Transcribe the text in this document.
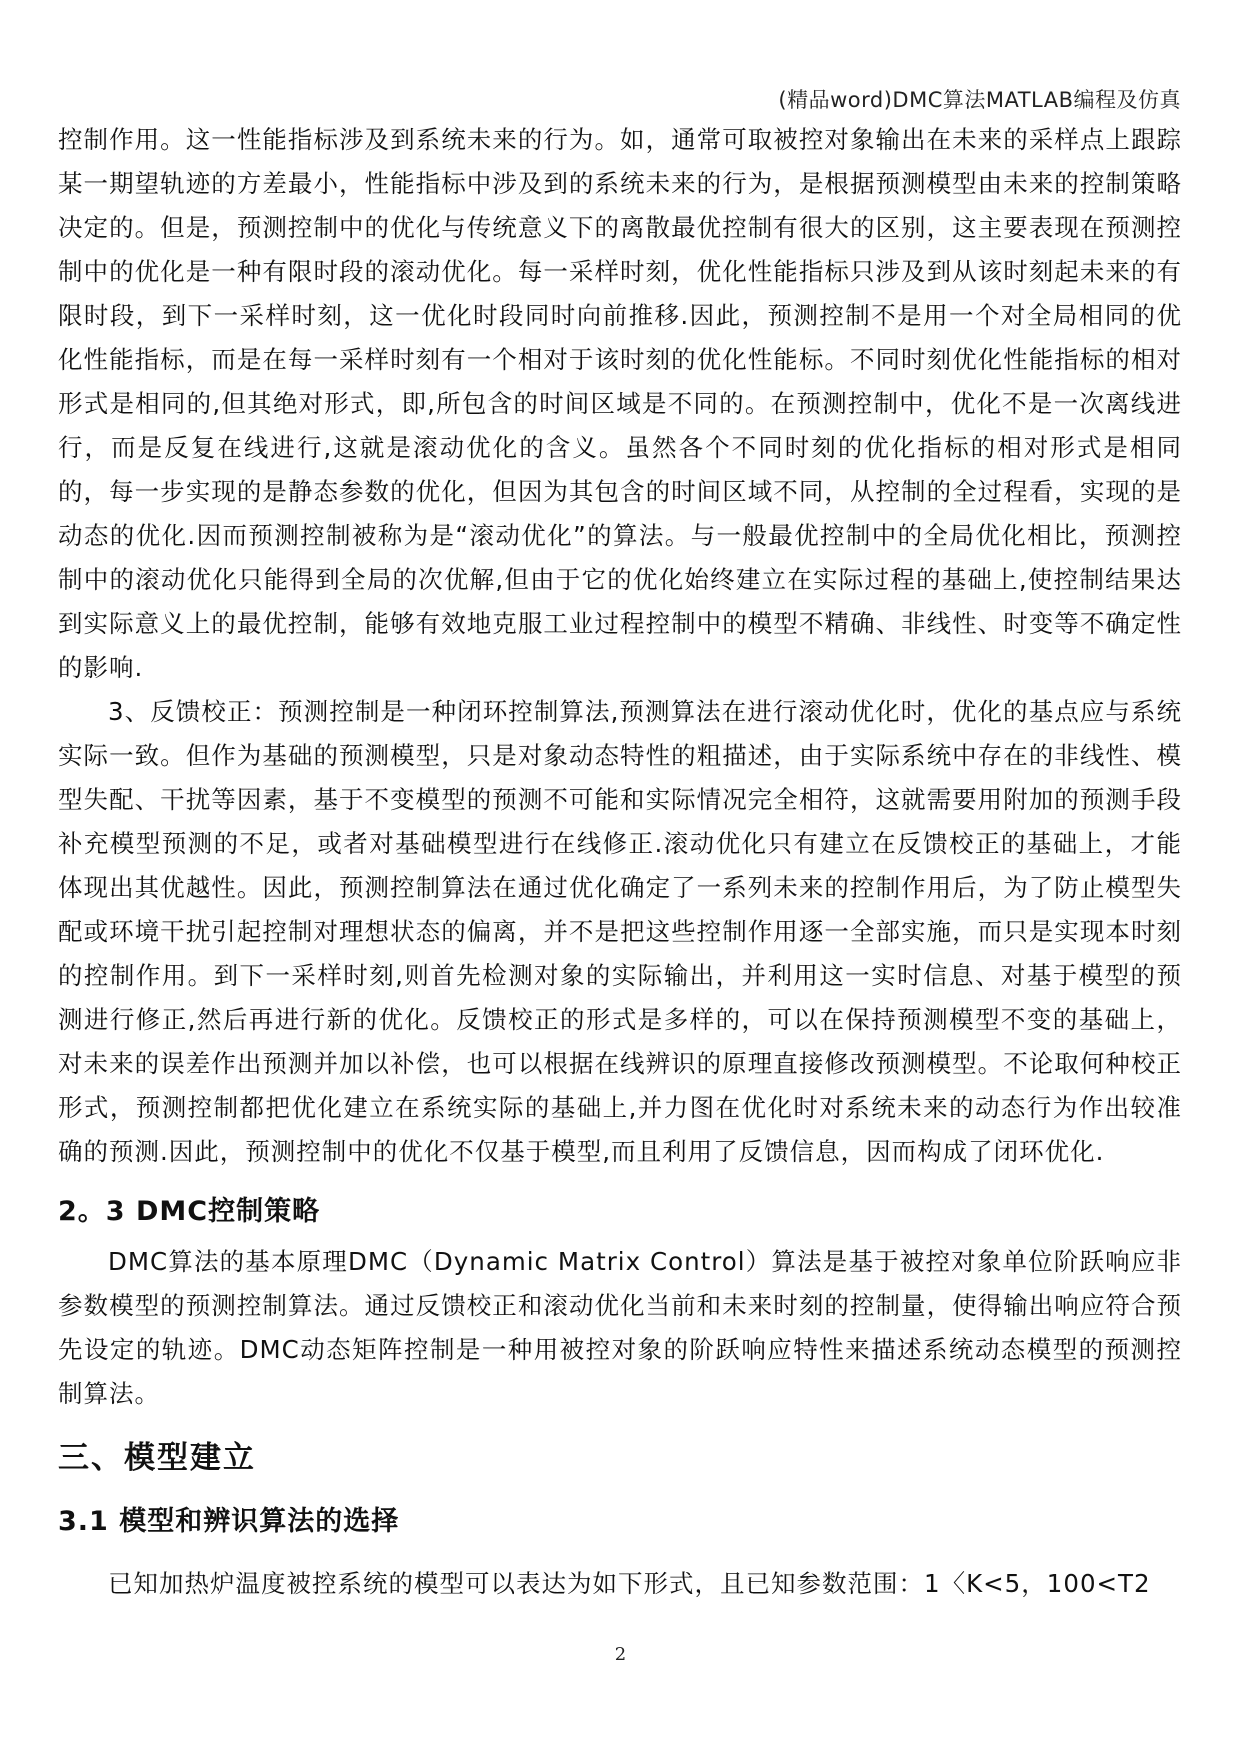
(精品word)DMC算法MATLAB编程及仿真

控制作用。这一性能指标涉及到系统未来的行为。如，通常可取被控对象输出在未来的采样点上跟踪某一期望轨迹的方差最小，性能指标中涉及到的系统未来的行为，是根据预测模型由未来的控制策略决定的。但是，预测控制中的优化与传统意义下的离散最优控制有很大的区别，这主要表现在预测控制中的优化是一种有限时段的滚动优化。每一采样时刻，优化性能指标只涉及到从该时刻起未来的有限时段，到下一采样时刻，这一优化时段同时向前推移.因此，预测控制不是用一个对全局相同的优化性能指标，而是在每一采样时刻有一个相对于该时刻的优化性能标。不同时刻优化性能指标的相对形式是相同的,但其绝对形式，即,所包含的时间区域是不同的。在预测控制中，优化不是一次离线进行，而是反复在线进行,这就是滚动优化的含义。虽然各个不同时刻的优化指标的相对形式是相同的，每一步实现的是静态参数的优化，但因为其包含的时间区域不同，从控制的全过程看，实现的是动态的优化.因而预测控制被称为是“滚动优化”的算法。与一般最优控制中的全局优化相比，预测控制中的滚动优化只能得到全局的次优解,但由于它的优化始终建立在实际过程的基础上,使控制结果达到实际意义上的最优控制，能够有效地克服工业过程控制中的模型不精确、非线性、时变等不确定性的影响.

3、反馈校正：预测控制是一种闭环控制算法,预测算法在进行滚动优化时，优化的基点应与系统实际一致。但作为基础的预测模型，只是对象动态特性的粗描述，由于实际系统中存在的非线性、模型失配、干扰等因素，基于不变模型的预测不可能和实际情况完全相符，这就需要用附加的预测手段补充模型预测的不足，或者对基础模型进行在线修正.滚动优化只有建立在反馈校正的基础上，才能体现出其优越性。因此，预测控制算法在通过优化确定了一系列未来的控制作用后，为了防止模型失配或环境干扰引起控制对理想状态的偏离，并不是把这些控制作用逐一全部实施，而只是实现本时刻的控制作用。到下一采样时刻,则首先检测对象的实际输出，并利用这一实时信息、对基于模型的预测进行修正,然后再进行新的优化。反馈校正的形式是多样的，可以在保持预测模型不变的基础上，对未来的误差作出预测并加以补偿，也可以根据在线辨识的原理直接修改预测模型。不论取何种校正形式，预测控制都把优化建立在系统实际的基础上,并力图在优化时对系统未来的动态行为作出较准确的预测.因此，预测控制中的优化不仅基于模型,而且利用了反馈信息，因而构成了闭环优化.

2。3 DMC控制策略

DMC算法的基本原理DMC（Dynamic Matrix Control）算法是基于被控对象单位阶跃响应非参数模型的预测控制算法。通过反馈校正和滚动优化当前和未来时刻的控制量，使得输出响应符合预先设定的轨迹。DMC动态矩阵控制是一种用被控对象的阶跃响应特性来描述系统动态模型的预测控制算法。

三、模型建立
3.1 模型和辨识算法的选择

已知加热炉温度被控系统的模型可以表达为如下形式，且已知参数范围：1〈K<5，100<T2

2
